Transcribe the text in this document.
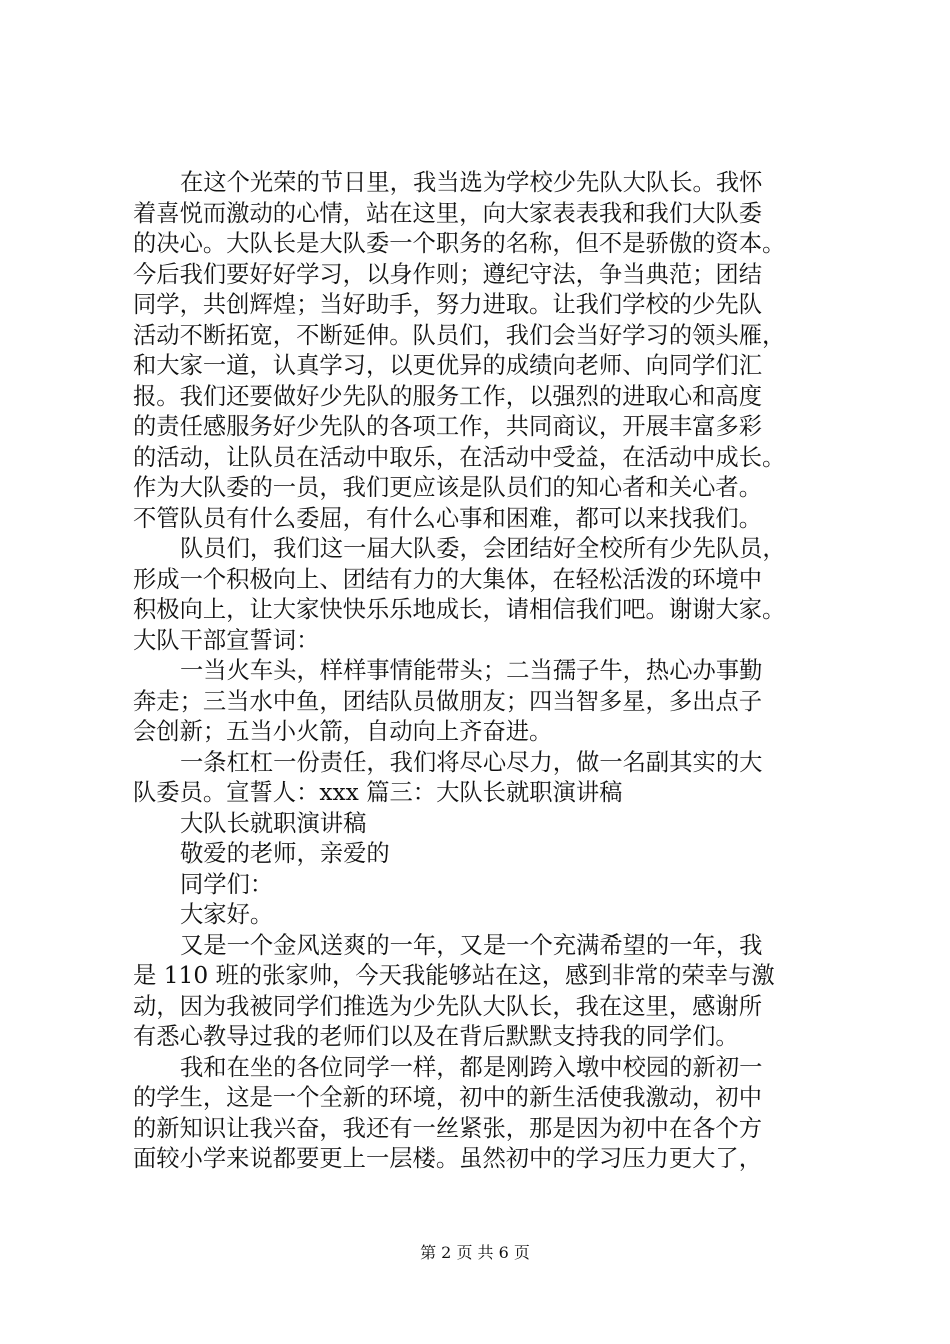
在这个光荣的节日里，我当选为学校少先队大队长。我怀
着喜悦而激动的心情，站在这里，向大家表表我和我们大队委
的决心。大队长是大队委一个职务的名称，但不是骄傲的资本。
今后我们要好好学习，以身作则；遵纪守法，争当典范；团结
同学，共创辉煌；当好助手，努力进取。让我们学校的少先队
活动不断拓宽，不断延伸。队员们，我们会当好学习的领头雁，
和大家一道，认真学习，以更优异的成绩向老师、向同学们汇
报。我们还要做好少先队的服务工作，以强烈的进取心和高度
的责任感服务好少先队的各项工作，共同商议，开展丰富多彩
的活动，让队员在活动中取乐，在活动中受益，在活动中成长。
作为大队委的一员，我们更应该是队员们的知心者和关心者。
不管队员有什么委屈，有什么心事和困难，都可以来找我们。
队员们，我们这一届大队委，会团结好全校所有少先队员，
形成一个积极向上、团结有力的大集体，在轻松活泼的环境中
积极向上，让大家快快乐乐地成长，请相信我们吧。谢谢大家。
大队干部宣誓词：
一当火车头，样样事情能带头；二当孺子牛，热心办事勤
奔走；三当水中鱼，团结队员做朋友；四当智多星，多出点子
会创新；五当小火箭，自动向上齐奋进。
一条杠杠一份责任，我们将尽心尽力，做一名副其实的大
队委员。宣誓人：xxx 篇三：大队长就职演讲稿
大队长就职演讲稿
敬爱的老师，亲爱的
同学们：
大家好。
又是一个金风送爽的一年，又是一个充满希望的一年，我
是 110 班的张家帅，今天我能够站在这，感到非常的荣幸与激
动，因为我被同学们推选为少先队大队长，我在这里，感谢所
有悉心教导过我的老师们以及在背后默默支持我的同学们。
我和在坐的各位同学一样，都是刚跨入墩中校园的新初一
的学生，这是一个全新的环境，初中的新生活使我激动，初中
的新知识让我兴奋，我还有一丝紧张，那是因为初中在各个方
面较小学来说都要更上一层楼。虽然初中的学习压力更大了，
第 2 页 共 6 页
